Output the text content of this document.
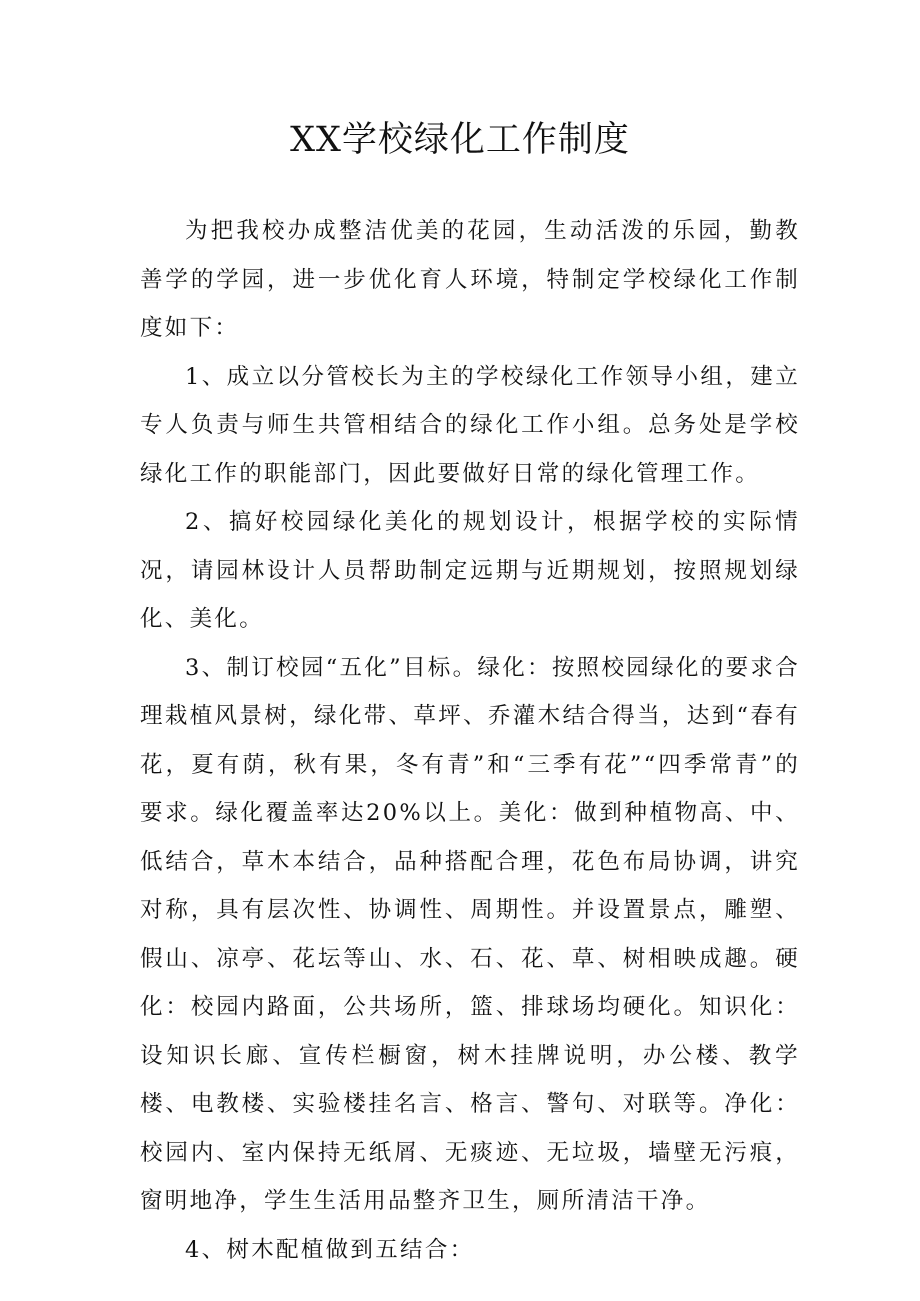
XX学校绿化工作制度

为把我校办成整洁优美的花园，生动活泼的乐园，勤教善学的学园，进一步优化育人环境，特制定学校绿化工作制度如下：

1、成立以分管校长为主的学校绿化工作领导小组，建立专人负责与师生共管相结合的绿化工作小组。总务处是学校绿化工作的职能部门，因此要做好日常的绿化管理工作。

2、搞好校园绿化美化的规划设计，根据学校的实际情况，请园林设计人员帮助制定远期与近期规划，按照规划绿化、美化。

3、制订校园“五化”目标。绿化：按照校园绿化的要求合理栽植风景树，绿化带、草坪、乔灌木结合得当，达到“春有花，夏有荫，秋有果，冬有青”和“三季有花”“四季常青”的要求。绿化覆盖率达20%以上。美化：做到种植物高、中、低结合，草木本结合，品种搭配合理，花色布局协调，讲究对称，具有层次性、协调性、周期性。并设置景点，雕塑、假山、凉亭、花坛等山、水、石、花、草、树相映成趣。硬化：校园内路面，公共场所，篮、排球场均硬化。知识化：设知识长廊、宣传栏橱窗，树木挂牌说明，办公楼、教学楼、电教楼、实验楼挂名言、格言、警句、对联等。净化：校园内、室内保持无纸屑、无痰迹、无垃圾，墙壁无污痕，窗明地净，学生生活用品整齐卫生，厕所清洁干净。

4、树木配植做到五结合：
